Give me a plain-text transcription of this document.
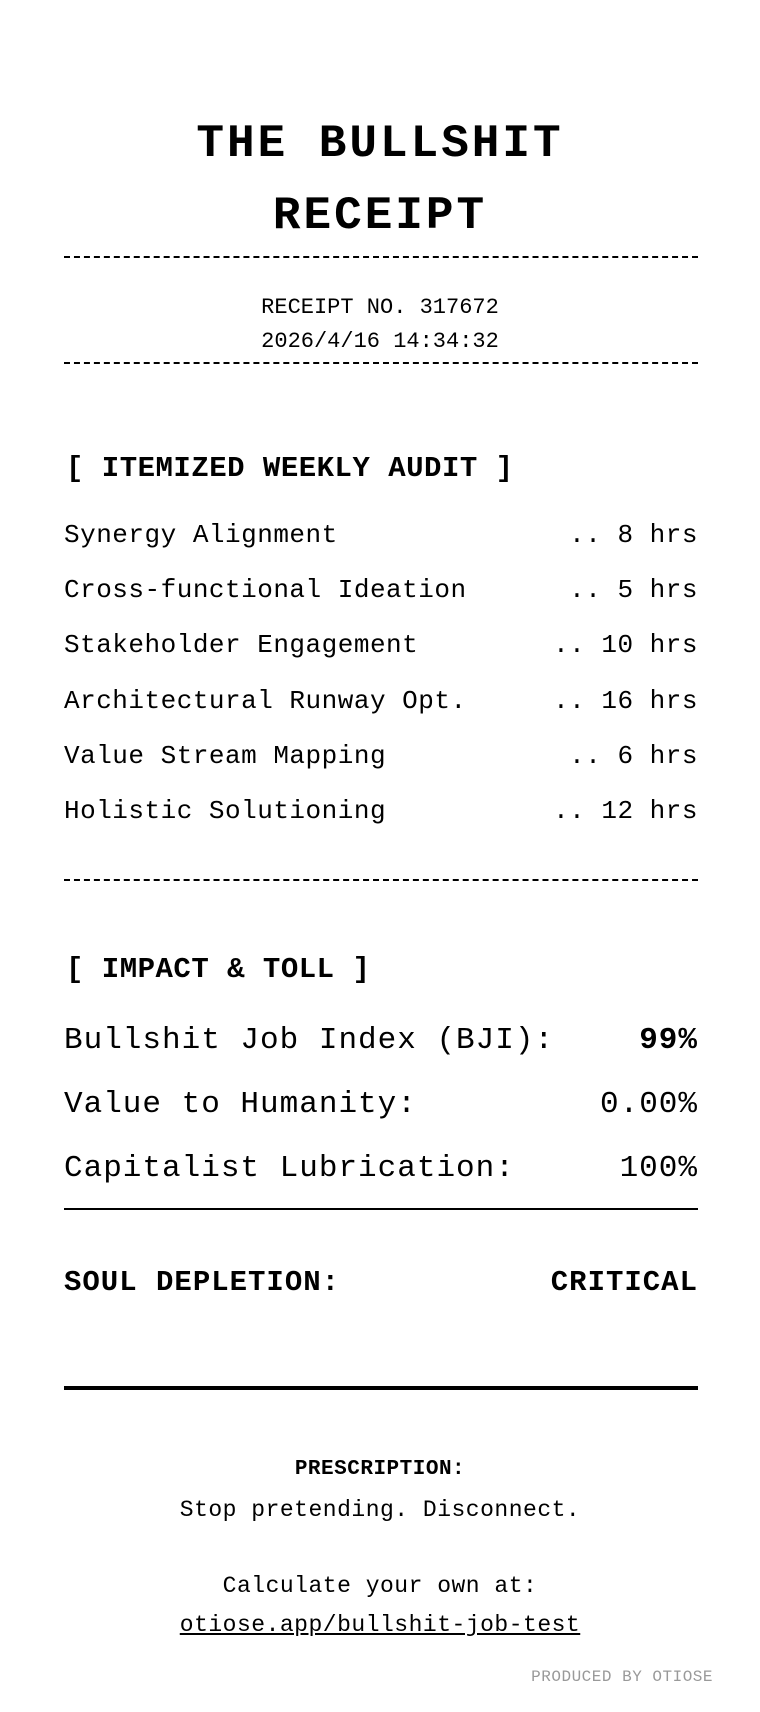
THE BULLSHIT
RECEIPT
RECEIPT NO. 317672
2026/4/16 14:34:32
[ ITEMIZED WEEKLY AUDIT ]
Synergy Alignment	.. 8 hrs
Cross-functional Ideation	.. 5 hrs
Stakeholder Engagement	.. 10 hrs
Architectural Runway Opt.	.. 16 hrs
Value Stream Mapping	.. 6 hrs
Holistic Solutioning	.. 12 hrs
[ IMPACT & TOLL ]
Bullshit Job Index (BJI):	99%
Value to Humanity:	0.00%
Capitalist Lubrication:	100%
SOUL DEPLETION:	CRITICAL
PRESCRIPTION:
Stop pretending. Disconnect.
Calculate your own at:
otiose.app/bullshit-job-test
PRODUCED BY OTIOSE
